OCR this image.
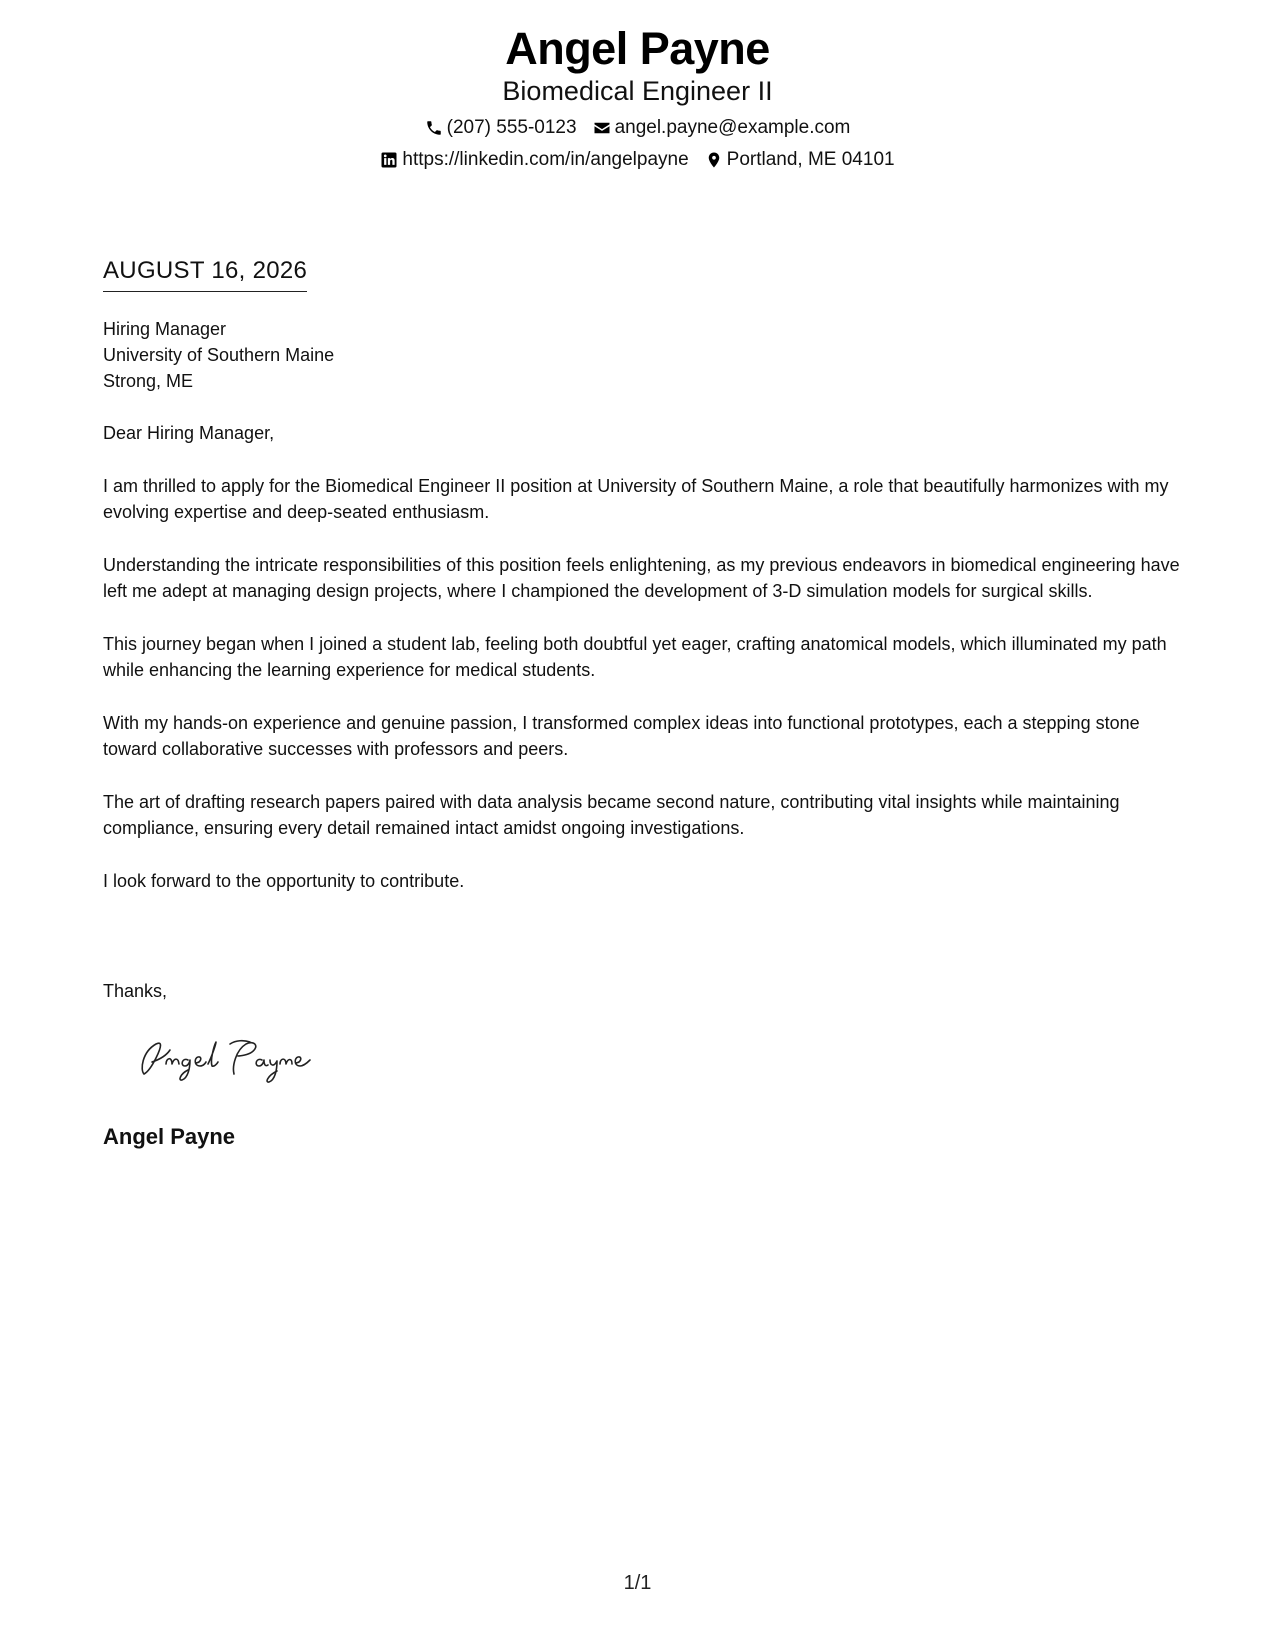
Angel Payne
Biomedical Engineer II
(207) 555-0123 angel.payne@example.com
https://linkedin.com/in/angelpayne Portland, ME 04101
AUGUST 16, 2026
Hiring Manager
University of Southern Maine
Strong, ME

Dear Hiring Manager,

I am thrilled to apply for the Biomedical Engineer II position at University of Southern Maine, a role that beautifully harmonizes with my evolving expertise and deep-seated enthusiasm.

Understanding the intricate responsibilities of this position feels enlightening, as my previous endeavors in biomedical engineering have left me adept at managing design projects, where I championed the development of 3-D simulation models for surgical skills.

This journey began when I joined a student lab, feeling both doubtful yet eager, crafting anatomical models, which illuminated my path while enhancing the learning experience for medical students.

With my hands-on experience and genuine passion, I transformed complex ideas into functional prototypes, each a stepping stone toward collaborative successes with professors and peers.

The art of drafting research papers paired with data analysis became second nature, contributing vital insights while maintaining compliance, ensuring every detail remained intact amidst ongoing investigations.

I look forward to the opportunity to contribute.

Thanks,
Angel Payne
1/1
